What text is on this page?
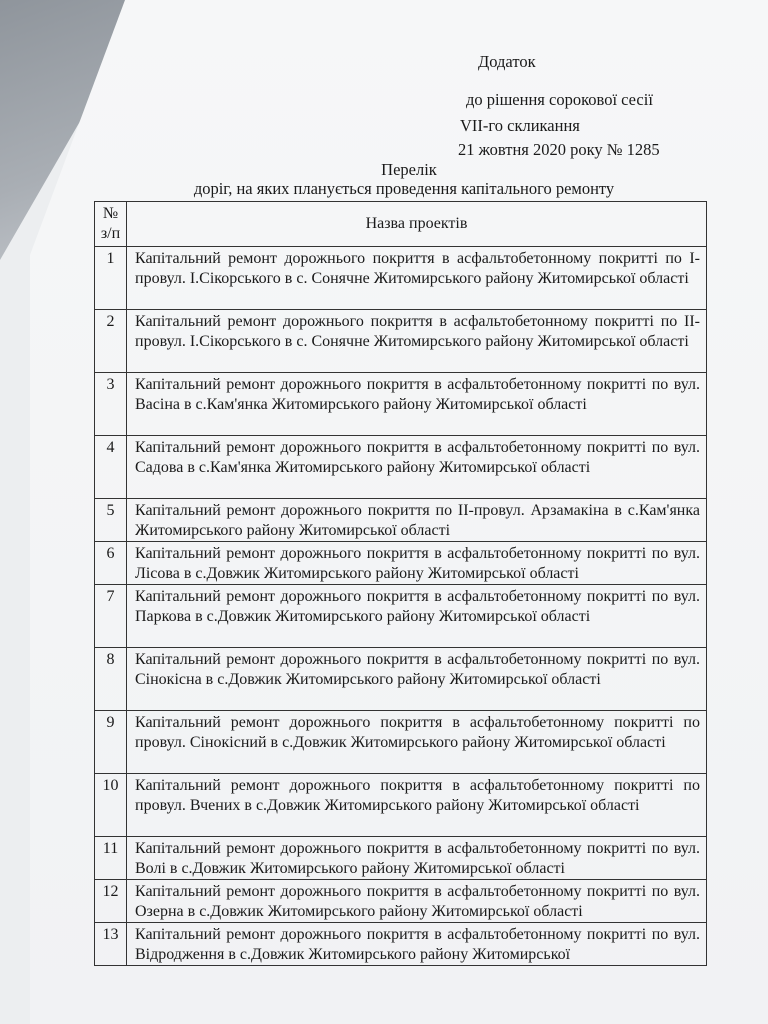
Додаток
до рішення сорокової сесії
VII-го скликання
21 жовтня 2020 року № 1285
Перелік
доріг, на яких планується проведення капітального ремонту
№
з/п	Назва проектів
1	Капітальний ремонт дорожнього покриття в асфальтобетонному покритті по І-провул. І.Сікорського в с. Сонячне Житомирського району Житомирської області
2	Капітальний ремонт дорожнього покриття в асфальтобетонному покритті по ІІ-провул. І.Сікорського в с. Сонячне Житомирського району Житомирської області
3	Капітальний ремонт дорожнього покриття в асфальтобетонному покритті по вул. Васіна в с.Кам'янка Житомирського району Житомирської області
4	Капітальний ремонт дорожнього покриття в асфальтобетонному покритті по вул. Садова в с.Кам'янка Житомирського району Житомирської області
5	Капітальний ремонт дорожнього покриття по ІІ-провул. Арзамакіна в с.Кам'янка Житомирського району Житомирської області
6	Капітальний ремонт дорожнього покриття в асфальтобетонному покритті по вул. Лісова в с.Довжик Житомирського району Житомирської області
7	Капітальний ремонт дорожнього покриття в асфальтобетонному покритті по вул. Паркова в с.Довжик Житомирського району Житомирської області
8	Капітальний ремонт дорожнього покриття в асфальтобетонному покритті по вул. Сінокісна в с.Довжик Житомирського району Житомирської області
9	Капітальний ремонт дорожнього покриття в асфальтобетонному покритті по провул. Сінокісний в с.Довжик Житомирського району Житомирської області
10	Капітальний ремонт дорожнього покриття в асфальтобетонному покритті по провул. Вчених в с.Довжик Житомирського району Житомирської області
11	Капітальний ремонт дорожнього покриття в асфальтобетонному покритті по вул. Волі в с.Довжик Житомирського району Житомирської області
12	Капітальний ремонт дорожнього покриття в асфальтобетонному покритті по вул. Озерна в с.Довжик Житомирського району Житомирської області
13	Капітальний ремонт дорожнього покриття в асфальтобетонному покритті по вул. Відродження в с.Довжик Житомирського району Житомирської
